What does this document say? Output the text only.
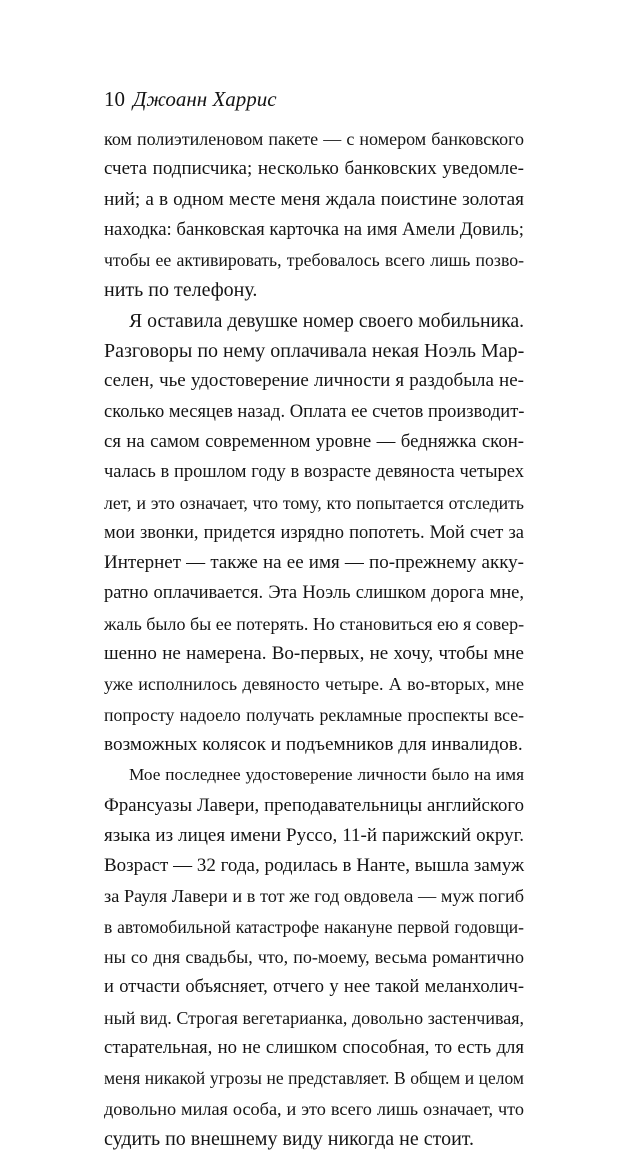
10 Джоанн Харрис
ком полиэтиленовом пакете — с номером банковского
счета подписчика; несколько банковских уведомле-
ний; а в одном месте меня ждала поистине золотая
находка: банковская карточка на имя Амели Довиль;
чтобы ее активировать, требовалось всего лишь позво-
нить по телефону.
Я оставила девушке номер своего мобильника.
Разговоры по нему оплачивала некая Ноэль Мар-
селен, чье удостоверение личности я раздобыла не-
сколько месяцев назад. Оплата ее счетов производит-
ся на самом современном уровне — бедняжка скон-
чалась в прошлом году в возрасте девяноста четырех
лет, и это означает, что тому, кто попытается отследить
мои звонки, придется изрядно попотеть. Мой счет за
Интернет — также на ее имя — по-прежнему акку-
ратно оплачивается. Эта Ноэль слишком дорога мне,
жаль было бы ее потерять. Но становиться ею я совер-
шенно не намерена. Во-первых, не хочу, чтобы мне
уже исполнилось девяносто четыре. А во-вторых, мне
попросту надоело получать рекламные проспекты все-
возможных колясок и подъемников для инвалидов.
Мое последнее удостоверение личности было на имя
Франсуазы Лавери, преподавательницы английского
языка из лицея имени Руссо, 11-й парижский округ.
Возраст — 32 года, родилась в Нанте, вышла замуж
за Рауля Лавери и в тот же год овдовела — муж погиб
в автомобильной катастрофе накануне первой годовщи-
ны со дня свадьбы, что, по-моему, весьма романтично
и отчасти объясняет, отчего у нее такой меланхолич-
ный вид. Строгая вегетарианка, довольно застенчивая,
старательная, но не слишком способная, то есть для
меня никакой угрозы не представляет. В общем и целом
довольно милая особа, и это всего лишь означает, что
судить по внешнему виду никогда не стоит.
